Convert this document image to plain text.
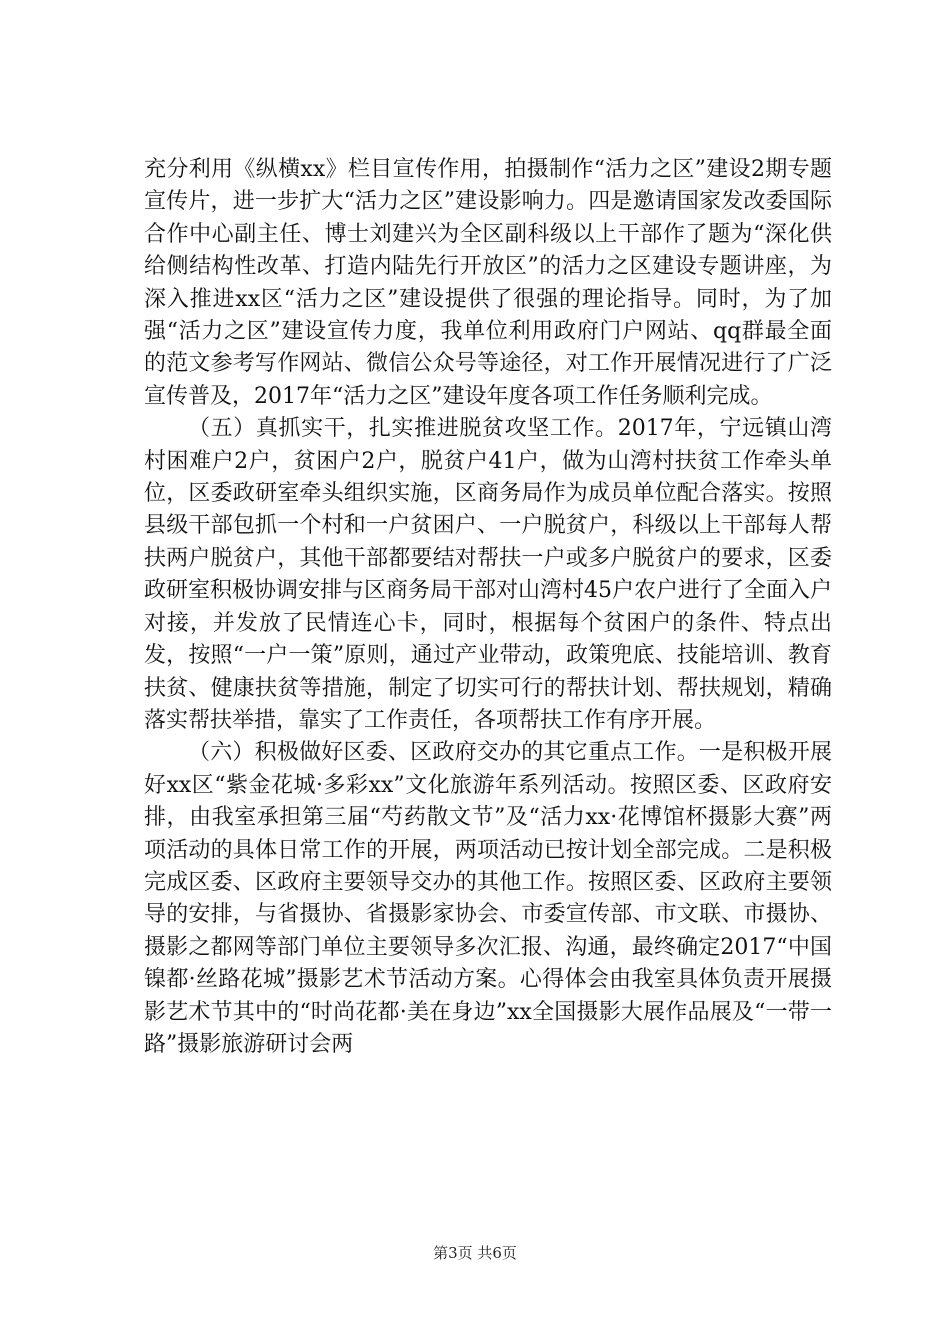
充分利用《纵横xx》栏目宣传作用，拍摄制作“活力之区”建设2期专题宣传片，进一步扩大“活力之区”建设影响力。四是邀请国家发改委国际合作中心副主任、博士刘建兴为全区副科级以上干部作了题为“深化供给侧结构性改革、打造内陆先行开放区”的活力之区建设专题讲座，为深入推进xx区“活力之区”建设提供了很强的理论指导。同时，为了加强“活力之区”建设宣传力度，我单位利用政府门户网站、qq群最全面的范文参考写作网站、微信公众号等途径，对工作开展情况进行了广泛宣传普及，2017年“活力之区”建设年度各项工作任务顺利完成。

（五）真抓实干，扎实推进脱贫攻坚工作。2017年，宁远镇山湾村困难户2户，贫困户2户，脱贫户41户，做为山湾村扶贫工作牵头单位，区委政研室牵头组织实施，区商务局作为成员单位配合落实。按照县级干部包抓一个村和一户贫困户、一户脱贫户，科级以上干部每人帮扶两户脱贫户，其他干部都要结对帮扶一户或多户脱贫户的要求，区委政研室积极协调安排与区商务局干部对山湾村45户农户进行了全面入户对接，并发放了民情连心卡，同时，根据每个贫困户的条件、特点出发，按照“一户一策”原则，通过产业带动，政策兜底、技能培训、教育扶贫、健康扶贫等措施，制定了切实可行的帮扶计划、帮扶规划，精确落实帮扶举措，靠实了工作责任，各项帮扶工作有序开展。

（六）积极做好区委、区政府交办的其它重点工作。一是积极开展好xx区“紫金花城·多彩xx”文化旅游年系列活动。按照区委、区政府安排，由我室承担第三届“芍药散文节”及“活力xx·花博馆杯摄影大赛”两项活动的具体日常工作的开展，两项活动已按计划全部完成。二是积极完成区委、区政府主要领导交办的其他工作。按照区委、区政府主要领导的安排，与省摄协、省摄影家协会、市委宣传部、市文联、市摄协、摄影之都网等部门单位主要领导多次汇报、沟通，最终确定2017“中国镍都·丝路花城”摄影艺术节活动方案。心得体会由我室具体负责开展摄影艺术节其中的“时尚花都·美在身边”xx全国摄影大展作品展及“一带一路”摄影旅游研讨会两

第3页 共6页
